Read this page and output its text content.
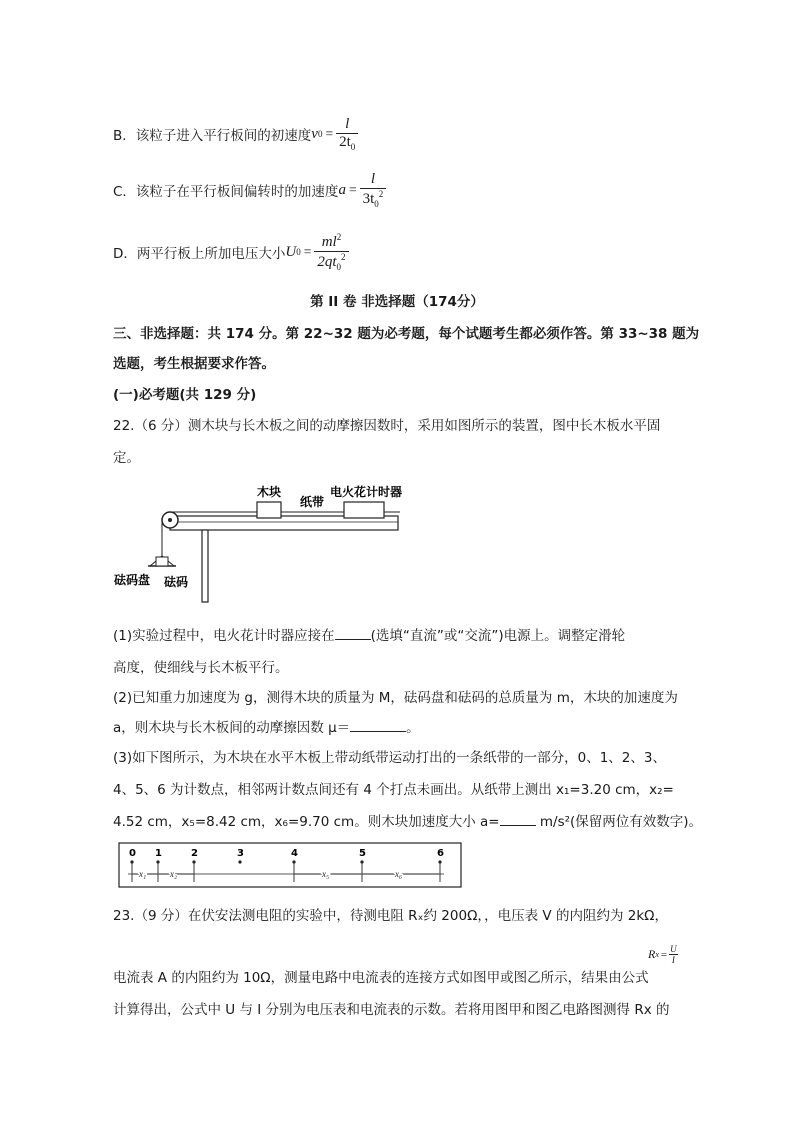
B．该粒子进入平行板间的初速度 v $0 = \frac{l}{2t_0}$
C．该粒子在平行板间偏转时的加速度 $a = \frac{l}{3t_0^2}$
D．两平行板上所加电压大小 U $0 = \frac{ml^2}{2qt_0^2}$
第 II 卷 非选择题（174分）
三、非选择题：共 174 分。第 22~32 题为必考题，每个试题考生都必须作答。第 33~38 题为
选题，考生根据要求作答。
(一)必考题(共 129 分)
22.（6 分）测木块与长木板之间的动摩擦因数时，采用如图所示的装置，图中长木板水平固
定。
木块
纸带
电火花计时器
砝码盘 砝码
(1)实验过程中，电火花计时器应接在	(选填“直流”或“交流”)电源上。调整定滑轮
高度，使细线与长木板平行。
(2)已知重力加速度为 g，测得木块的质量为 M，砝码盘和砝码的总质量为 m，木块的加速度为
a，则木块与长木板间的动摩擦因数 μ＝	。
(3)如下图所示，为木块在水平木板上带动纸带运动打出的一条纸带的一部分，0、1、2、3、
4、5、6 为计数点，相邻两计数点间还有 4 个打点未画出。从纸带上测出 x₁=3.20 cm，x₂=
4.52 cm，x₅=8.42 cm，x₆=9.70 cm。则木块加速度大小 a=	m/s²(保留两位有效数字)。
0 1	2	3	4	5	6
x₁	x₂	x₅	x₆
23.（9 分）在伏安法测电阻的实验中，待测电阻 Rₓ约 200Ω，，电压表 V 的内阻约为 2kΩ，
R $x = \frac{U}{I}$
电流表 A 的内阻约为 10Ω，测量电路中电流表的连接方式如图甲或图乙所示，结果由公式
计算得出，公式中 U 与 I 分别为电压表和电流表的示数。若将用图甲和图乙电路图测得 Rx 的
